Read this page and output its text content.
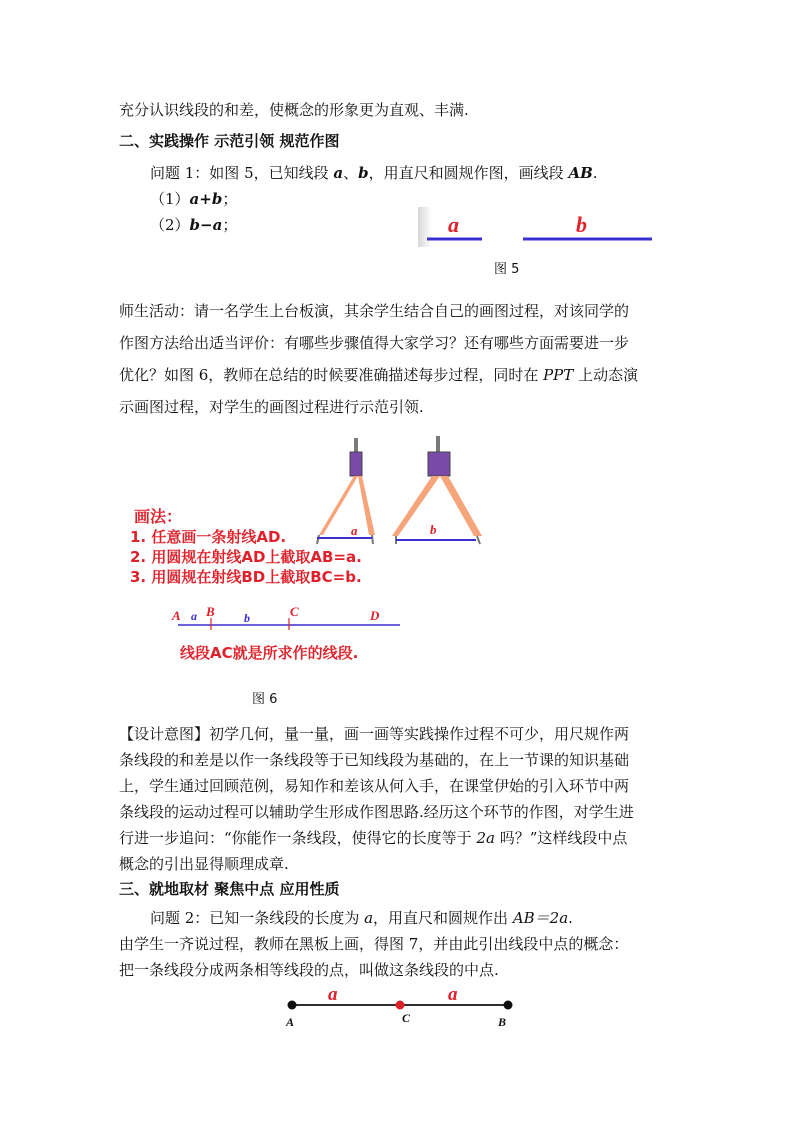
充分认识线段的和差，使概念的形象更为直观、丰满.
二、实践操作 示范引领 规范作图
问题 1：如图 5，已知线段 a、b，用直尺和圆规作图，画线段 AB.
（1）a+b；
（2）b−a；	a	b
图 5
师生活动：请一名学生上台板演，其余学生结合自己的画图过程，对该同学的
作图方法给出适当评价：有哪些步骤值得大家学习？还有哪些方面需要进一步
优化？如图 6，教师在总结的时候要准确描述每步过程，同时在 PPT 上动态演
示画图过程，对学生的画图过程进行示范引领.
a	b
画法：
1. 任意画一条射线AD.
2. 用圆规在射线AD上截取AB=a.
3. 用圆规在射线BD上截取BC=b.
A a B b	C	D
线段AC就是所求作的线段.
图 6
【设计意图】初学几何，量一量，画一画等实践操作过程不可少，用尺规作两
条线段的和差是以作一条线段等于已知线段为基础的，在上一节课的知识基础
上，学生通过回顾范例，易知作和差该从何入手，在课堂伊始的引入环节中两
条线段的运动过程可以辅助学生形成作图思路.经历这个环节的作图，对学生进
行进一步追问：“你能作一条线段，使得它的长度等于 2a 吗？”这样线段中点
概念的引出显得顺理成章.
三、就地取材 聚焦中点 应用性质
问题 2：已知一条线段的长度为 a，用直尺和圆规作出 AB＝2a.
由学生一齐说过程，教师在黑板上画，得图 7，并由此引出线段中点的概念：
把一条线段分成两条相等线段的点，叫做这条线段的中点.
a	a
A	C	B
